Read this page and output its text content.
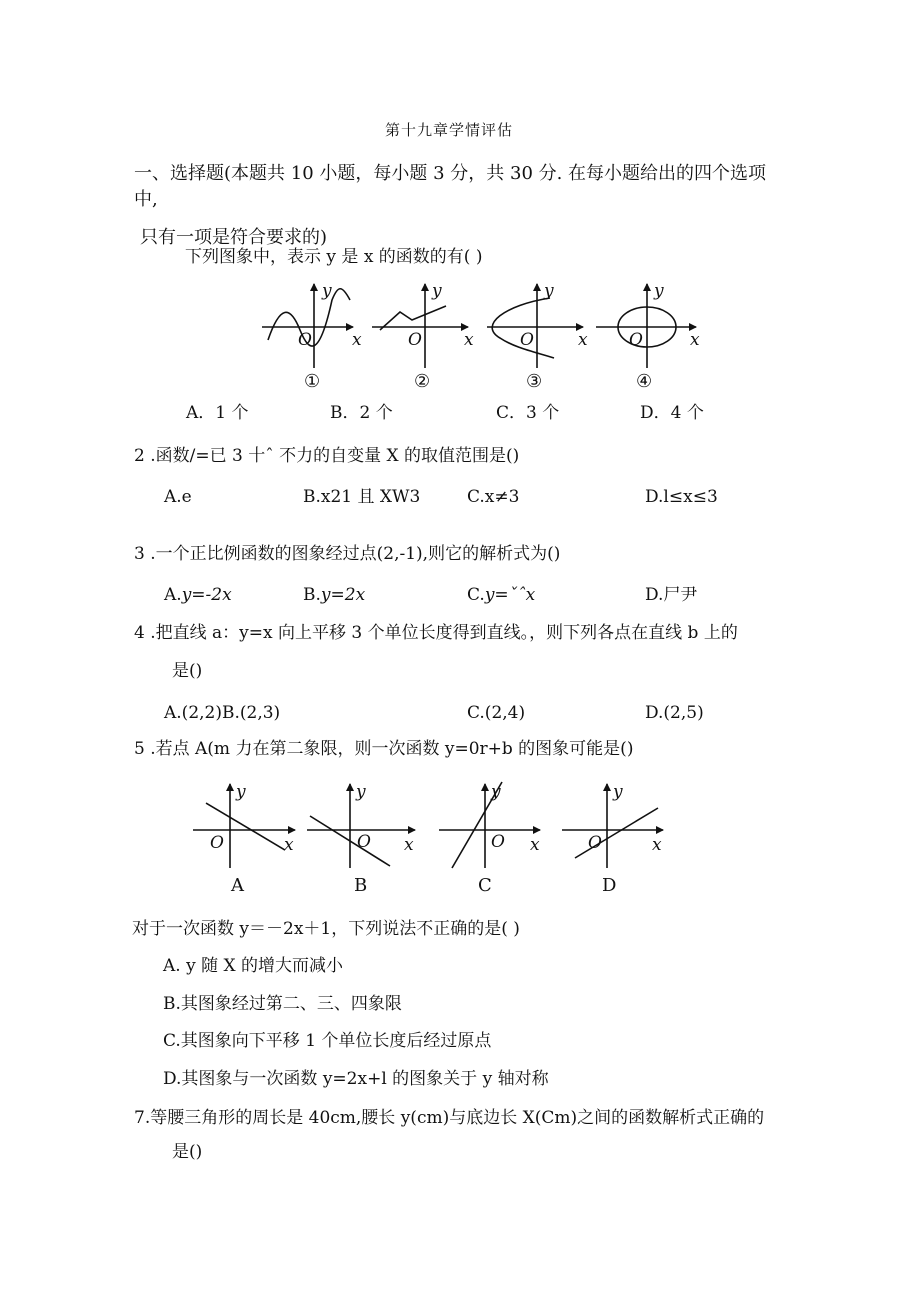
第十九章学情评估
一、选择题(本题共 10 小题，每小题 3 分，共 30 分. 在每小题给出的四个选项
中,
只有一项是符合要求的)
下列图象中，表示 y 是 x 的函数的有( )
O x
y
①
O x
y
②
O	x
y
③
O	x
y
④
A．1 个	B．2 个	C．3 个	D．4 个
2 .函数/=已 3 十ˆ 不力的自变量 X 的取值范围是()
A.e	B.x21 且 XW3	C.x≠3	D.l≤x≤3
3 .一个正比例函数的图象经过点(2,-1),则它的解析式为()
A.y=-2x	B.y=2x	C.y=ˇˆx	D.尸尹
4 .把直线 a：y=x 向上平移 3 个单位长度得到直线。，则下列各点在直线 b 上的
是()
A.(2,2)B.(2,3)	C.(2,4)	D.(2,5)
5 .若点 A(m 力在第二象限，则一次函数 y=0r+b 的图象可能是()
O	x
y
A
O x
y
B
O x
y
C
O	x
y
D
对于一次函数 y＝－2x＋1，下列说法不正确的是( )
A. y 随 X 的增大而减小
B.其图象经过第二、三、四象限
C.其图象向下平移 1 个单位长度后经过原点
D.其图象与一次函数 y=2x+l 的图象关于 y 轴对称
7.等腰三角形的周长是 40cm,腰长 y(cm)与底边长 X(Cm)之间的函数解析式正确的
是()
